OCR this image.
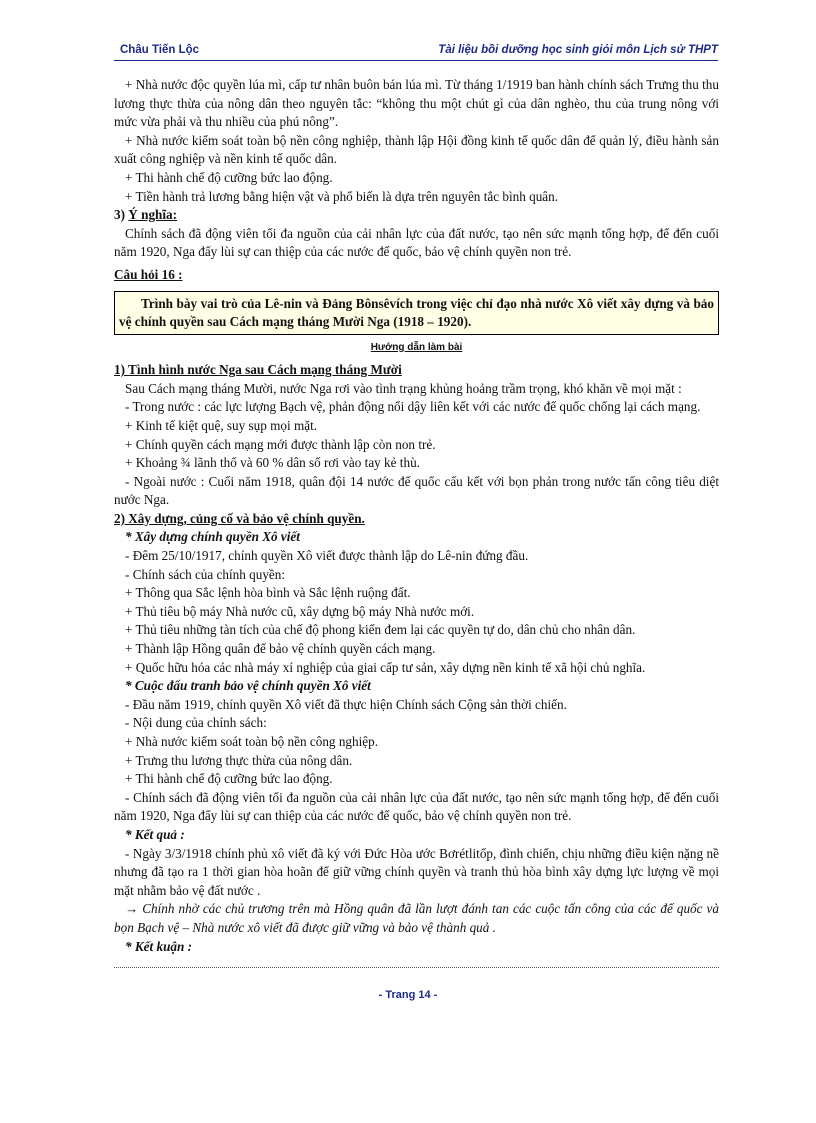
Châu Tiến Lộc	Tài liệu bồi dưỡng học sinh giỏi môn Lịch sử THPT

+ Nhà nước độc quyền lúa mì, cấp tư nhân buôn bán lúa mì. Từ tháng 1/1919 ban hành chính sách Trưng thu thu lương thực thừa của nông dân theo nguyên tắc: “không thu một chút gì của dân nghèo, thu của trung nông với mức vừa phải và thu nhiều của phú nông”.

+ Nhà nước kiểm soát toàn bộ nền công nghiệp, thành lập Hội đồng kinh tế quốc dân để quản lý, điều hành sản xuất công nghiệp và nền kinh tế quốc dân.

+ Thi hành chế độ cưỡng bức lao động.

+ Tiền hành trả lương bằng hiện vật và phổ biến là dựa trên nguyên tắc bình quân.

3) Ý nghĩa:

Chính sách đã động viên tối đa nguồn của cải nhân lực của đất nước, tạo nên sức mạnh tổng hợp, để đến cuối năm 1920, Nga đẩy lùi sự can thiệp của các nước đế quốc, bảo vệ chính quyền non trẻ.

Câu hỏi 16 :

Trình bày vai trò của Lê-nin và Đảng Bônsêvích trong việc chỉ đạo nhà nước Xô viết xây dựng và bảo vệ chính quyền sau Cách mạng tháng Mười Nga (1918 – 1920).
Hướng dẫn làm bài

1) Tình hình nước Nga sau Cách mạng tháng Mười

Sau Cách mạng tháng Mười, nước Nga rơi vào tình trạng khủng hoảng trầm trọng, khó khăn về mọi mặt :

- Trong nước : các lực lượng Bạch vệ, phản động nổi dậy liên kết với các nước đế quốc chống lại cách mạng.

+ Kinh tế kiệt quệ, suy sụp mọi mặt.

+ Chính quyền cách mạng mới được thành lập còn non trẻ.

+ Khoảng ¾ lãnh thổ và 60 % dân số rơi vào tay kẻ thù.

- Ngoài nước : Cuối năm 1918, quân đội 14 nước đế quốc cấu kết với bọn phản trong nước tấn công tiêu diệt nước Nga.

2) Xây dựng, củng cố và bảo vệ chính quyền.

* Xây dựng chính quyền Xô viết

- Đêm 25/10/1917, chính quyền Xô viết được thành lập do Lê-nin đứng đầu.

- Chính sách của chính quyền:

+ Thông qua Sắc lệnh hòa bình và Sắc lệnh ruộng đất.

+ Thủ tiêu bộ máy Nhà nước cũ, xây dựng bộ máy Nhà nước mới.

+ Thủ tiêu những tàn tích của chế độ phong kiến đem lại các quyền tự do, dân chủ cho nhân dân.

+ Thành lập Hồng quân để bảo vệ chính quyền cách mạng.

+ Quốc hữu hóa các nhà máy xí nghiệp của giai cấp tư sản, xây dựng nền kinh tế xã hội chủ nghĩa.

* Cuộc đấu tranh bảo vệ chính quyền Xô viết

- Đầu năm 1919, chính quyền Xô viết đã thực hiện Chính sách Cộng sản thời chiến.

- Nội dung của chính sách:

+ Nhà nước kiểm soát toàn bộ nền công nghiệp.

+ Trưng thu lương thực thừa của nông dân.

+ Thi hành chế độ cưỡng bức lao động.

- Chính sách đã động viên tối đa nguồn của cải nhân lực của đất nước, tạo nên sức mạnh tổng hợp, để đến cuối năm 1920, Nga đẩy lùi sự can thiệp của các nước đế quốc, bảo vệ chính quyền non trẻ.

* Kết quả :

- Ngày 3/3/1918 chính phủ xô viết đã ký với Đức Hòa ước Bơrétlitốp, đình chiến, chịu những điều kiện nặng nề nhưng đã tạo ra 1 thời gian hòa hoãn để giữ vững chính quyền và tranh thủ hòa bình xây dựng lực lượng về mọi mặt nhằm bảo vệ đất nước .

→ Chính nhờ các chủ trương trên mà Hồng quân đã lần lượt đánh tan các cuộc tấn công của các đế quốc và bọn Bạch vệ – Nhà nước xô viết đã được giữ vững và bảo vệ thành quả .

* Kết kuận :

- Trang 14 -
